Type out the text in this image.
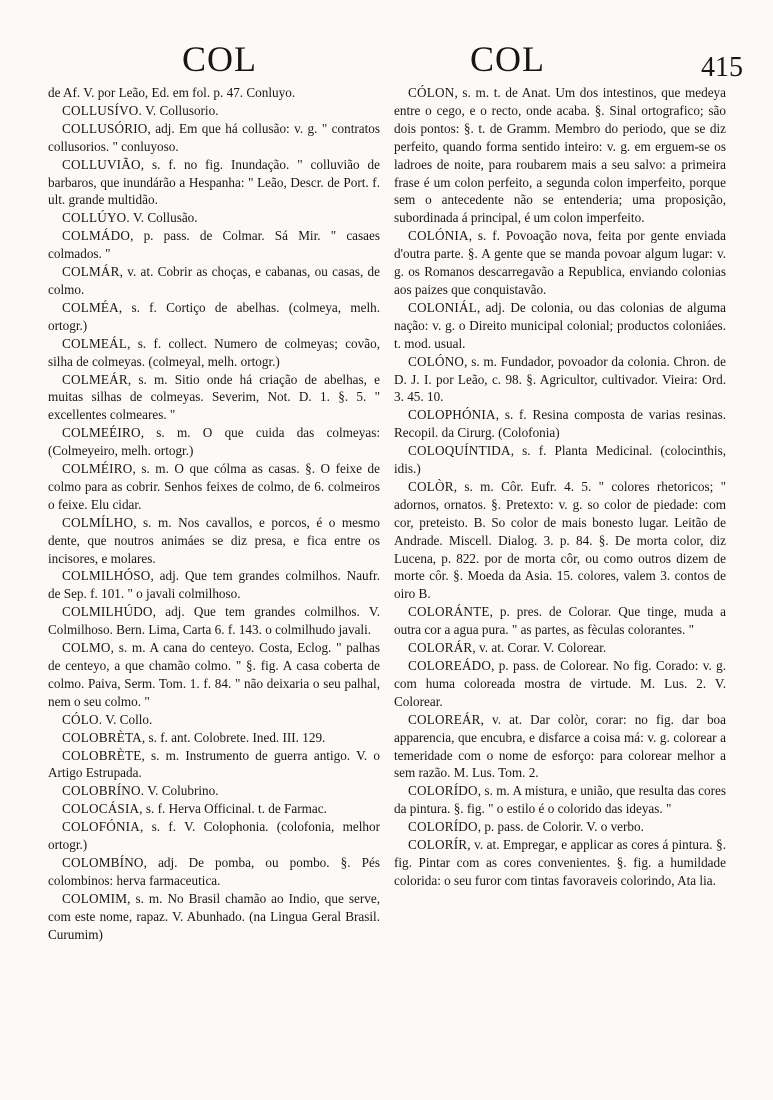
COL	COL	415

de Af. V. por Leão, Ed. em fol. p. 47. Conluyo.

COLLUSÍVO. V. Collusorio.

COLLUSÓRIO, adj. Em que há collusão: v. g. " contratos collusorios. " conluyoso.

COLLUVIÃO, s. f. no fig. Inundação. " colluvião de barbaros, que inundárão a Hespanha: " Leão, Descr. de Port. f. ult. grande multidão.

COLLÚYO. V. Collusão.

COLMÁDO, p. pass. de Colmar. Sá Mir. " casaes colmados. "

COLMÁR, v. at. Cobrir as choças, e cabanas, ou casas, de colmo.

COLMÉA, s. f. Cortiço de abelhas. (colmeya, melh. ortogr.)

COLMEÁL, s. f. collect. Numero de colmeyas; covão, silha de colmeyas. (colmeyal, melh. ortogr.)

COLMEÁR, s. m. Sitio onde há criação de abelhas, e muitas silhas de colmeyas. Severim, Not. D. 1. §. 5. " excellentes colmeares. "

COLMEÉIRO, s. m. O que cuida das colmeyas: (Colmeyeiro, melh. ortogr.)

COLMÉIRO, s. m. O que cólma as casas. §. O feixe de colmo para as cobrir. Senhos feixes de colmo, de 6. colmeiros o feixe. Elu cidar.

COLMÍLHO, s. m. Nos cavallos, e porcos, é o mesmo dente, que noutros animáes se diz presa, e fica entre os incisores, e molares.

COLMILHÓSO, adj. Que tem grandes colmilhos. Naufr. de Sep. f. 101. " o javali colmilhoso.

COLMILHÚDO, adj. Que tem grandes colmilhos. V. Colmilhoso. Bern. Lima, Carta 6. f. 143. o colmilhudo javali.

COLMO, s. m. A cana do centeyo. Costa, Eclog. " palhas de centeyo, a que chamão colmo. " §. fig. A casa coberta de colmo. Paiva, Serm. Tom. 1. f. 84. " não deixaria o seu palhal, nem o seu colmo. "

CÓLO. V. Collo.

COLOBRÈTA, s. f. ant. Colobrete. Ined. III. 129.

COLOBRÈTE, s. m. Instrumento de guerra antigo. V. o Artigo Estrupada.

COLOBRÍNO. V. Colubrino.

COLOCÁSIA, s. f. Herva Officinal. t. de Farmac.

COLOFÓNIA, s. f. V. Colophonia. (colofonia, melhor ortogr.)

COLOMBÍNO, adj. De pomba, ou pombo. §. Pés colombinos: herva farmaceutica.

COLOMIM, s. m. No Brasil chamão ao Indio, que serve, com este nome, rapaz. V. Abunhado. (na Lingua Geral Brasil. Curumim)

CÓLON, s. m. t. de Anat. Um dos intestinos, que medeya entre o cego, e o recto, onde acaba. §. Sinal ortografico; são dois pontos: §. t. de Gramm. Membro do periodo, que se diz perfeito, quando forma sentido inteiro: v. g. em erguem-se os ladroes de noite, para roubarem mais a seu salvo: a primeira frase é um colon perfeito, a segunda colon imperfeito, porque sem o antecedente não se entenderia; uma proposição, subordinada á principal, é um colon imperfeito.

COLÓNIA, s. f. Povoação nova, feita por gente enviada d'outra parte. §. A gente que se manda povoar algum lugar: v. g. os Romanos descarregavão a Republica, enviando colonias aos paizes que conquistavão.

COLONIÁL, adj. De colonia, ou das colonias de alguma nação: v. g. o Direito municipal colonial; productos coloniáes. t. mod. usual.

COLÓNO, s. m. Fundador, povoador da colonia. Chron. de D. J. I. por Leão, c. 98. §. Agricultor, cultivador. Vieira: Ord. 3. 45. 10.

COLOPHÓNIA, s. f. Resina composta de varias resinas. Recopil. da Cirurg. (Colofonia)

COLOQUÍNTIDA, s. f. Planta Medicinal. (colocinthis, idis.)

COLÒR, s. m. Côr. Eufr. 4. 5. " colores rhetoricos; " adornos, ornatos. §. Pretexto: v. g. so color de piedade: com cor, preteisto. B. So color de mais bonesto lugar. Leitão de Andrade. Miscell. Dialog. 3. p. 84. §. De morta color, diz Lucena, p. 822. por de morta côr, ou como outros dizem de morte côr. §. Moeda da Asia. 15. colores, valem 3. contos de oiro B.

COLORÁNTE, p. pres. de Colorar. Que tinge, muda a outra cor a agua pura. " as partes, as fèculas colorantes. "

COLORÁR, v. at. Corar. V. Colorear.

COLOREÁDO, p. pass. de Colorear. No fig. Corado: v. g. com huma coloreada mostra de virtude. M. Lus. 2. V. Colorear.

COLOREÁR, v. at. Dar colòr, corar: no fig. dar boa apparencia, que encubra, e disfarce a coisa má: v. g. colorear a temeridade com o nome de esforço: para colorear melhor a sem razão. M. Lus. Tom. 2.

COLORÍDO, s. m. A mistura, e união, que resulta das cores da pintura. §. fig. " o estilo é o colorido das ideyas. "

COLORÍDO, p. pass. de Colorir. V. o verbo.

COLORÍR, v. at. Empregar, e applicar as cores á pintura. §. fig. Pintar com as cores convenientes. §. fig. a humildade colorida: o seu furor com tintas favoraveis colorindo, Ata lia.
